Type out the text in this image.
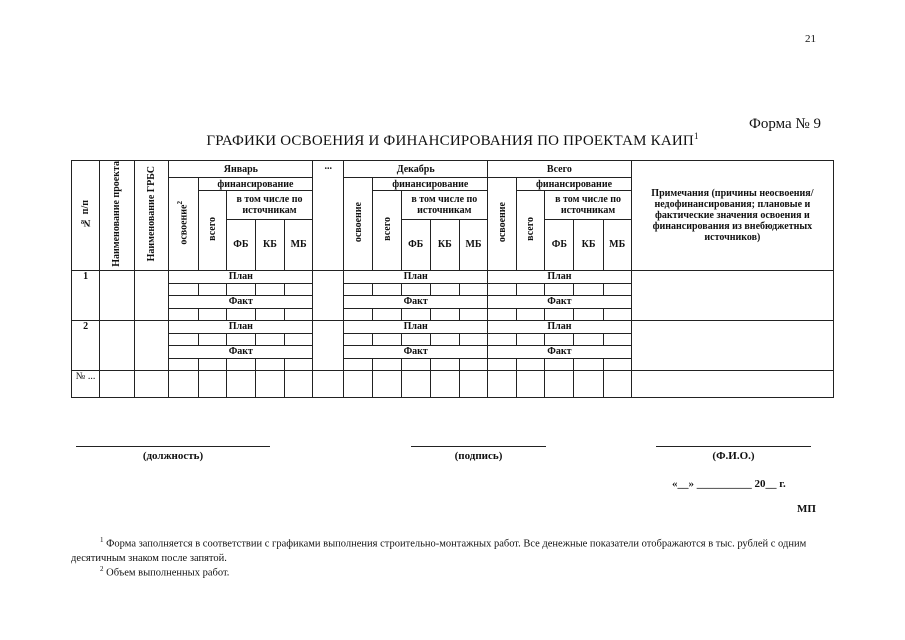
21
Форма № 9
ГРАФИКИ ОСВОЕНИЯ И ФИНАНСИРОВАНИЯ ПО ПРОЕКТАМ КАИП$^1$
№ п/п	Наименование проекта	Наименование ГРБС	Январь					...	Декабрь					Всего					Примечания (причины неосвоения/недофинансирования; плановые и фактические значения освоения и финансирования из внебюджетных источников)
			освоение$^2$	финансирование					освоение	финансирование				освоение	финансирование				
				всего	в том числе по источникам					всего	в том числе по источникам				всего	в том числе по источникам			
					ФБ	КБ	МБ				ФБ	КБ	МБ			ФБ	КБ	МБ	
1			План						План					План					

			Факт						Факт					Факт					

2			План						План					План					

			Факт						Факт					Факт					

№ ...																			
(должность)	(подпись)	(Ф.И.О.)
«__» __________ 20__ г.
МП
$^1$ Форма заполняется в соответствии с графиками выполнения строительно-монтажных работ. Все денежные показатели отображаются в тыс. рублей с одним десятичным знаком после запятой.
$^2$ Объем выполненных работ.
